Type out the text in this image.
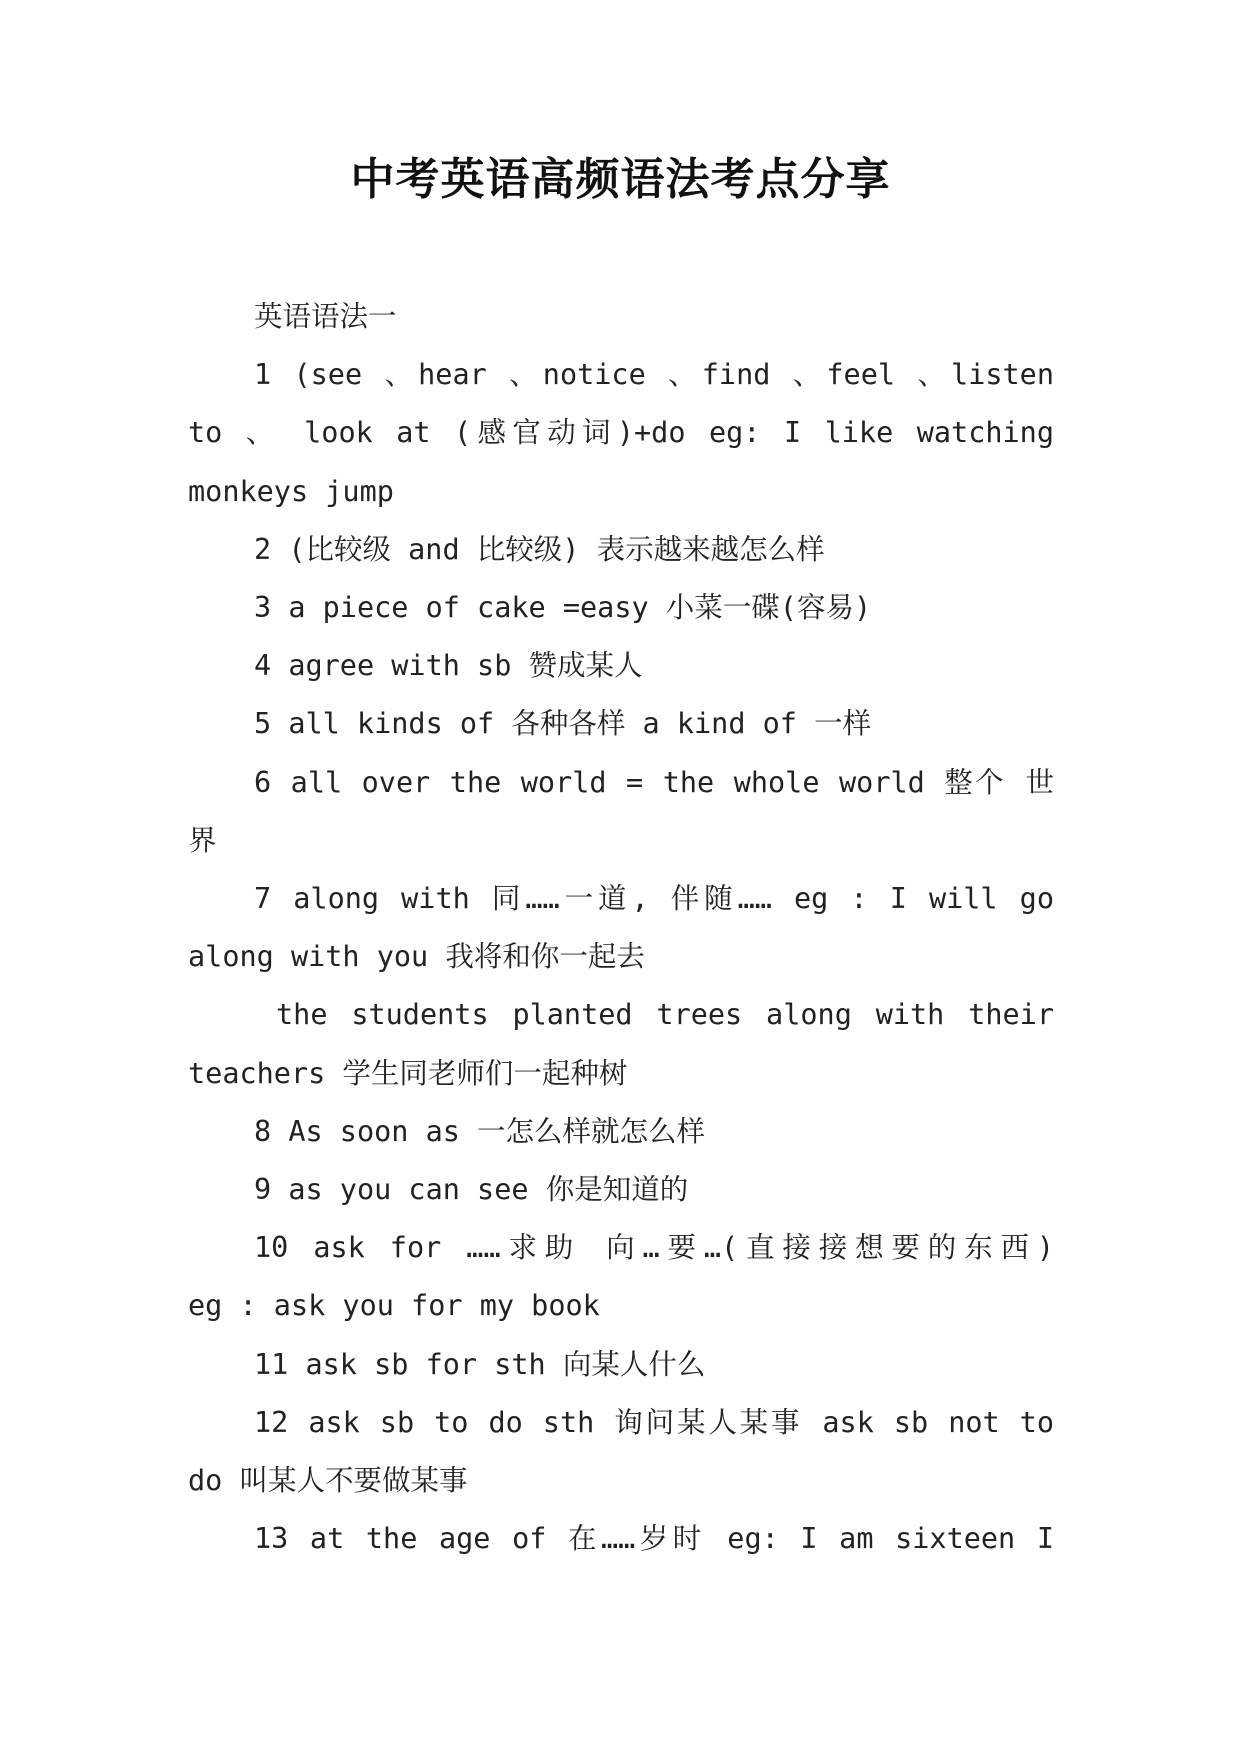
中考英语高频语法考点分享

英语语法一

1 (see 、hear 、notice 、find 、feel 、listen

to 、 look at (感官动词)+do eg: I like watching

monkeys jump

2 (比较级 and 比较级) 表示越来越怎么样

3 a piece of cake =easy 小菜一碟(容易)

4 agree with sb 赞成某人

5 all kinds of 各种各样 a kind of 一样

6 all over the world = the whole world 整个 世

界

7 along with 同……一道, 伴随…… eg : I will go

along with you 我将和你一起去

the students planted trees along with their

teachers 学生同老师们一起种树

8 As soon as 一怎么样就怎么样

9 as you can see 你是知道的

10 ask for ……求助 向…要…(直接接想要的东西)

eg : ask you for my book

11 ask sb for sth 向某人什么

12 ask sb to do sth 询问某人某事 ask sb not to

do 叫某人不要做某事

13 at the age of 在……岁时 eg: I am sixteen I
